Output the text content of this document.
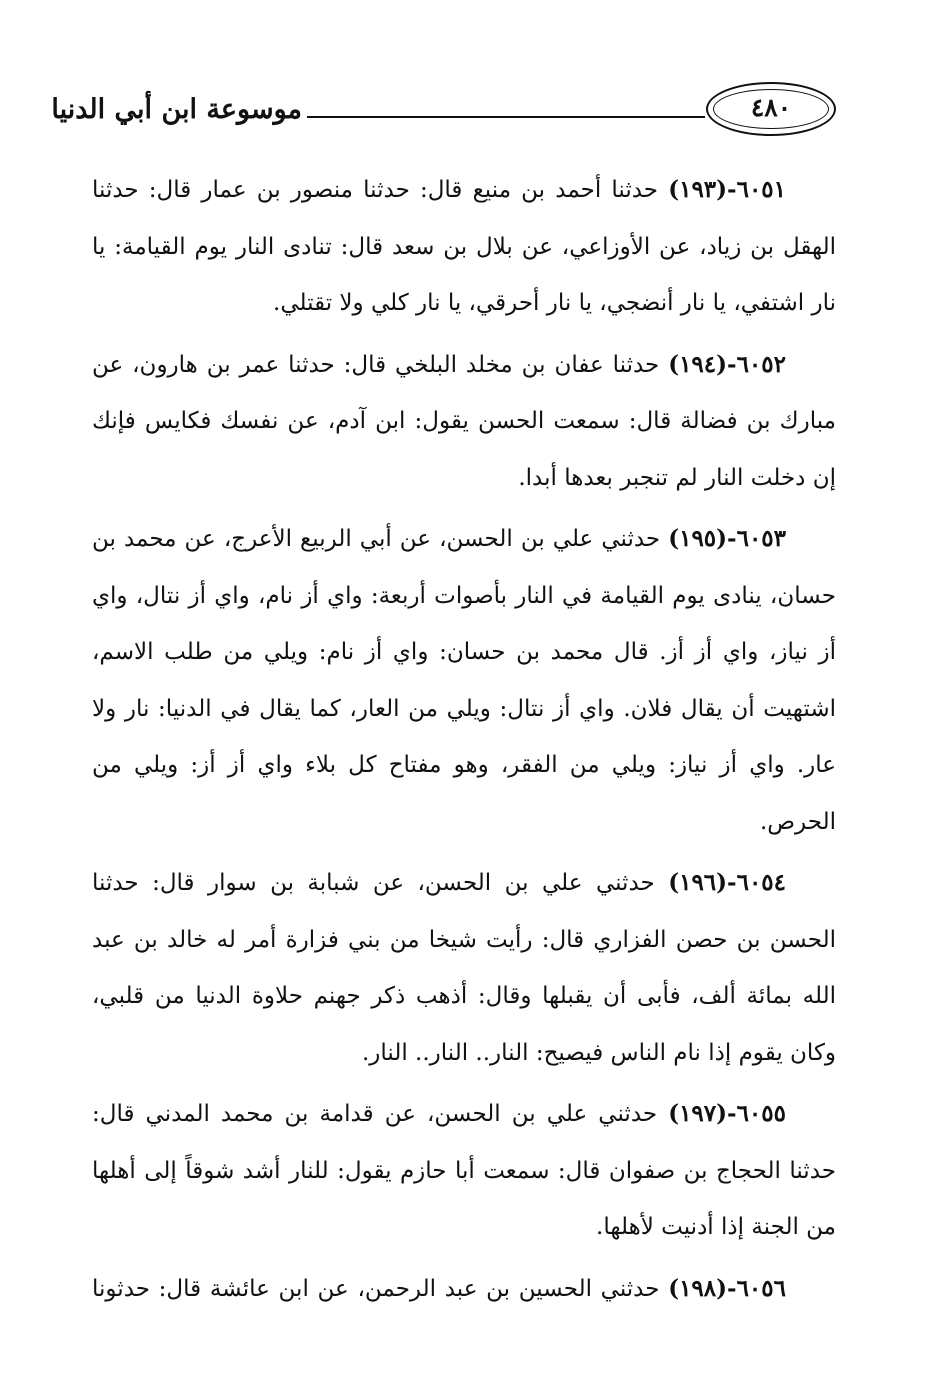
موسوعة ابن أبي الدنيا	٤٨٠

٦٠٥١-(١٩٣) حدثنا أحمد بن منيع قال: حدثنا منصور بن عمار قال: حدثنا الهقل بن زياد، عن الأوزاعي، عن بلال بن سعد قال: تنادى النار يوم القيامة: يا نار اشتفي، يا نار أنضجي، يا نار أحرقي، يا نار كلي ولا تقتلي.

٦٠٥٢-(١٩٤) حدثنا عفان بن مخلد البلخي قال: حدثنا عمر بن هارون، عن مبارك بن فضالة قال: سمعت الحسن يقول: ابن آدم، عن نفسك فكايس فإنك إن دخلت النار لم تنجبر بعدها أبدا.

٦٠٥٣-(١٩٥) حدثني علي بن الحسن، عن أبي الربيع الأعرج، عن محمد بن حسان، ينادى يوم القيامة في النار بأصوات أربعة: واي أز نام، واي أز نتال، واي أز نياز، واي أز أز. قال محمد بن حسان: واي أز نام: ويلي من طلب الاسم، اشتهيت أن يقال فلان. واي أز نتال: ويلي من العار، كما يقال في الدنيا: نار ولا عار. واي أز نياز: ويلي من الفقر، وهو مفتاح كل بلاء واي أز أز: ويلي من الحرص.

٦٠٥٤-(١٩٦) حدثني علي بن الحسن، عن شبابة بن سوار قال: حدثنا الحسن بن حصن الفزاري قال: رأيت شيخا من بني فزارة أمر له خالد بن عبد الله بمائة ألف، فأبى أن يقبلها وقال: أذهب ذكر جهنم حلاوة الدنيا من قلبي، وكان يقوم إذا نام الناس فيصيح: النار.. النار.. النار.

٦٠٥٥-(١٩٧) حدثني علي بن الحسن، عن قدامة بن محمد المدني قال: حدثنا الحجاج بن صفوان قال: سمعت أبا حازم يقول: للنار أشد شوقاً إلى أهلها من الجنة إذا أدنيت لأهلها.

٦٠٥٦-(١٩٨) حدثني الحسين بن عبد الرحمن، عن ابن عائشة قال: حدثونا
